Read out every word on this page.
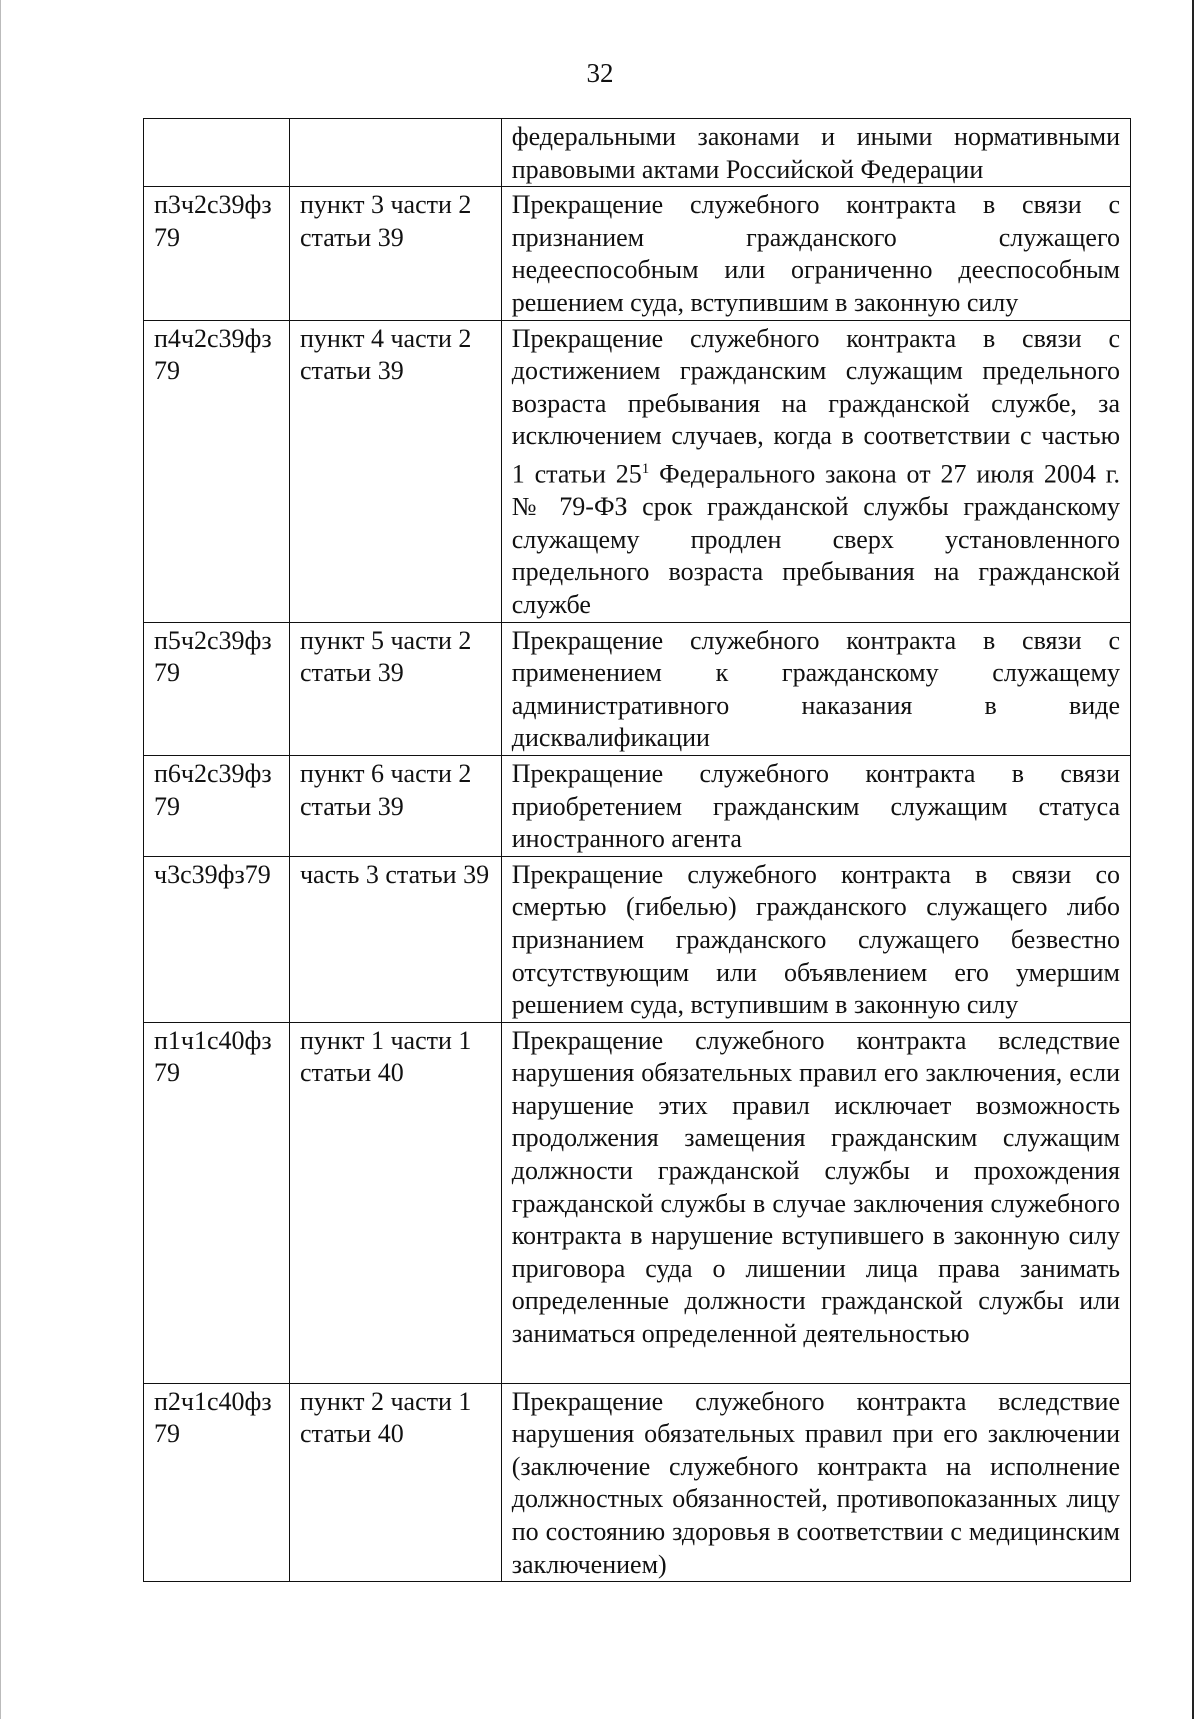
32
		федеральными законами и иными нормативными правовыми актами Российской Федерации
п3ч2с39фз 79	пункт 3 части 2 статьи 39	Прекращение служебного контракта в связи с признанием гражданского служащего недееспособным или ограниченно дееспособным решением суда, вступившим в законную силу
п4ч2с39фз 79	пункт 4 части 2 статьи 39	Прекращение служебного контракта в связи с достижением гражданским служащим предельного возраста пребывания на гражданской службе, за исключением случаев, когда в соответствии с частью 1 статьи $25^1$ Федерального закона от 27 июля 2004 г. № 79-ФЗ срок гражданской службы гражданскому служащему продлен сверх установленного предельного возраста пребывания на гражданской службе
п5ч2с39фз 79	пункт 5 части 2 статьи 39	Прекращение служебного контракта в связи с применением к гражданскому служащему административного наказания в виде дисквалификации
п6ч2с39фз 79	пункт 6 части 2 статьи 39	Прекращение служебного контракта в связи приобретением гражданским служащим статуса иностранного агента
ч3с39фз79	часть 3 статьи 39	Прекращение служебного контракта в связи со смертью (гибелью) гражданского служащего либо признанием гражданского служащего безвестно отсутствующим или объявлением его умершим решением суда, вступившим в законную силу
п1ч1с40фз 79	пункт 1 части 1 статьи 40	Прекращение служебного контракта вследствие нарушения обязательных правил его заключения, если нарушение этих правил исключает возможность продолжения замещения гражданским служащим должности гражданской службы и прохождения гражданской службы в случае заключения служебного контракта в нарушение вступившего в законную силу приговора суда о лишении лица права занимать определенные должности гражданской службы или заниматься определенной деятельностью
п2ч1с40фз 79	пункт 2 части 1 статьи 40	Прекращение служебного контракта вследствие нарушения обязательных правил при его заключении (заключение служебного контракта на исполнение должностных обязанностей, противопоказанных лицу по состоянию здоровья в соответствии с медицинским заключением)
